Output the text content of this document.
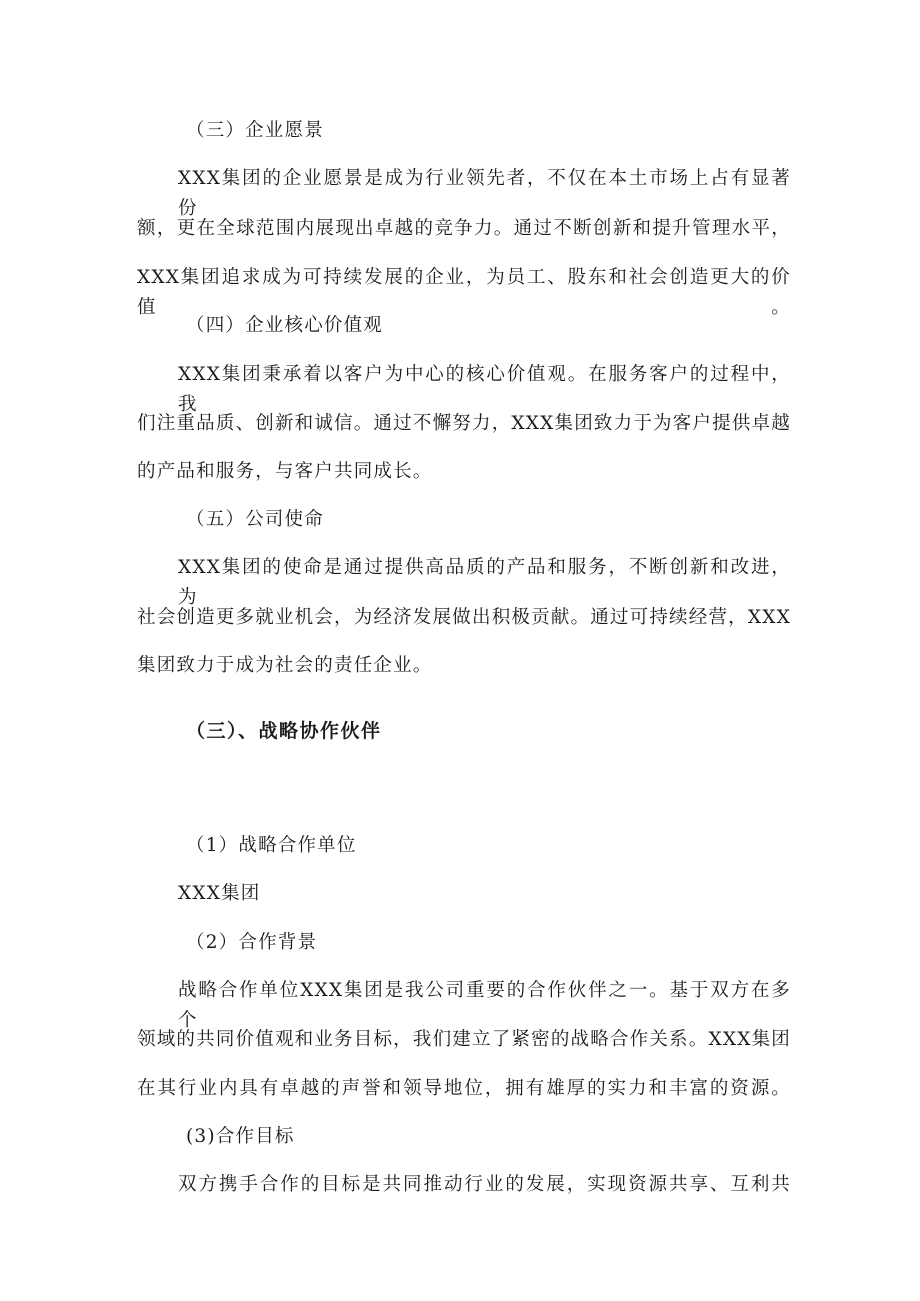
（三）企业愿景
XXX集团的企业愿景是成为行业领先者，不仅在本土市场上占有显著份
额，更在全球范围内展现出卓越的竞争力。通过不断创新和提升管理水平，
XXX集团追求成为可持续发展的企业，为员工、股东和社会创造更大的价值。
（四）企业核心价值观
XXX集团秉承着以客户为中心的核心价值观。在服务客户的过程中，我
们注重品质、创新和诚信。通过不懈努力，XXX集团致力于为客户提供卓越
的产品和服务，与客户共同成长。
（五）公司使命
XXX集团的使命是通过提供高品质的产品和服务，不断创新和改进，为
社会创造更多就业机会，为经济发展做出积极贡献。通过可持续经营，XXX
集团致力于成为社会的责任企业。
（三）、战略协作伙伴
（1）战略合作单位
XXX集团
（2）合作背景
战略合作单位XXX集团是我公司重要的合作伙伴之一。基于双方在多个
领域的共同价值观和业务目标，我们建立了紧密的战略合作关系。XXX集团
在其行业内具有卓越的声誉和领导地位，拥有雄厚的实力和丰富的资源。
(3)合作目标
双方携手合作的目标是共同推动行业的发展，实现资源共享、互利共
